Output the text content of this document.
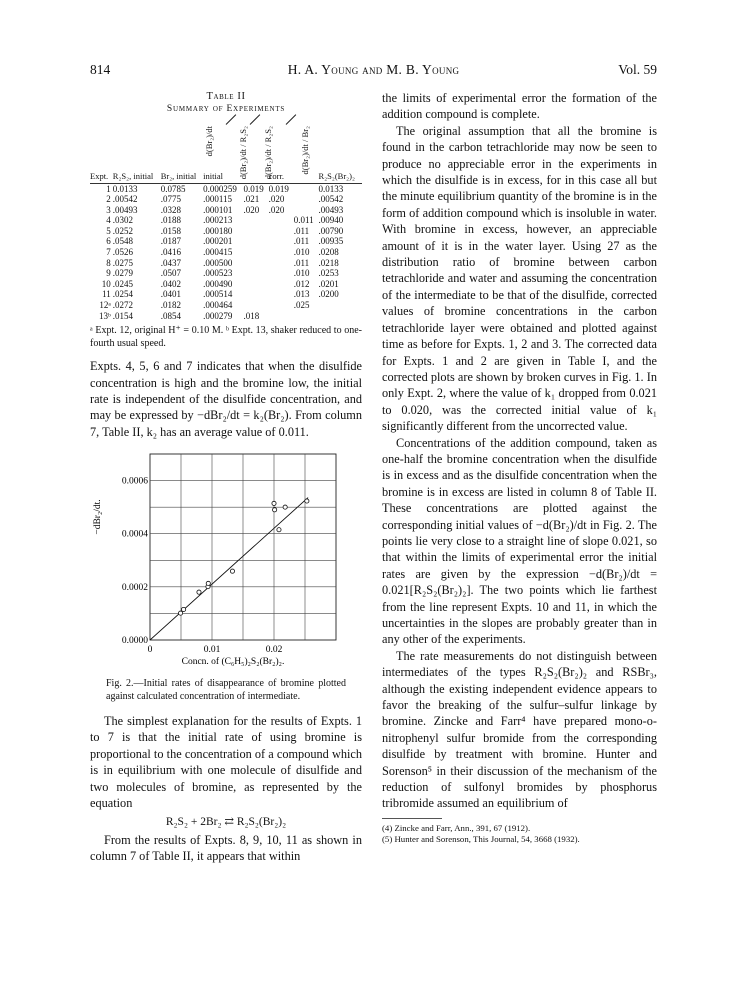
814	H. A. Young and M. B. Young	Vol. 59
Table II
Summary of Experiments
d(Br₂)/dt	d(Br₂)/dt / R₂S₂ d(Br₂)/dt / R₂S₂	d(Br₂)/dt / Br₂
Expt.	R₂S₂, initial	Br₂, initial	initial		corr.		R₂S₂(Br₂)₂
1	0.0133	0.0785	0.000259	0.019	0.019		0.0133
2	.00542	.0775	.000115	.021	.020		.00542
3	.00493	.0328	.000101	.020	.020		.00493
4	.0302	.0188	.000213			0.011	.00940
5	.0252	.0158	.000180			.011	.00790
6	.0548	.0187	.000201			.011	.00935
7	.0526	.0416	.000415			.010	.0208
8	.0275	.0437	.000500			.011	.0218
9	.0279	.0507	.000523			.010	.0253
10	.0245	.0402	.000490			.012	.0201
11	.0254	.0401	.000514			.013	.0200
12ᵃ	.0272	.0182	.000464			.025	
13ᵇ	.0154	.0854	.000279	.018			
ᵃ Expt. 12, original H⁺ = 0.10 M. ᵇ Expt. 13, shaker reduced to one-fourth usual speed.

Expts. 4, 5, 6 and 7 indicates that when the disulfide concentration is high and the bromine low, the initial rate is independent of the disulfide concentration, and may be expressed by −dBr₂/dt = k₂(Br₂). From column 7, Table II, k₂ has an average value of 0.011.

0	0.01	0.02
0.0000
0.0002
0.0004
0.0006
Concn. of (C₆H₅)₂S₂(Br₂)₂.
−dBr₂/dt.
Fig. 2.—Initial rates of disappearance of bromine plotted against calculated concentration of intermediate.

The simplest explanation for the results of Expts. 1 to 7 is that the initial rate of using bromine is proportional to the concentration of a compound which is in equilibrium with one molecule of disulfide and two molecules of bromine, as represented by the equation

R₂S₂ + 2Br₂ ⇄ R₂S₂(Br₂)₂

From the results of Expts. 8, 9, 10, 11 as shown in column 7 of Table II, it appears that within

the limits of experimental error the formation of the addition compound is complete.

The original assumption that all the bromine is found in the carbon tetrachloride may now be seen to produce no appreciable error in the experiments in which the disulfide is in excess, for in this case all but the minute equilibrium quantity of the bromine is in the form of addition compound which is insoluble in water. With bromine in excess, however, an appreciable amount of it is in the water layer. Using 27 as the distribution ratio of bromine between carbon tetrachloride and water and assuming the concentration of the intermediate to be that of the disulfide, corrected values of bromine concentrations in the carbon tetrachloride layer were obtained and plotted against time as before for Expts. 1, 2 and 3. The corrected data for Expts. 1 and 2 are given in Table I, and the corrected plots are shown by broken curves in Fig. 1. In only Expt. 2, where the value of k₁ dropped from 0.021 to 0.020, was the corrected initial value of k₁ significantly different from the uncorrected value.

Concentrations of the addition compound, taken as one-half the bromine concentration when the disulfide is in excess and as the disulfide concentration when the bromine is in excess are listed in column 8 of Table II. These concentrations are plotted against the corresponding initial values of −d(Br₂)/dt in Fig. 2. The points lie very close to a straight line of slope 0.021, so that within the limits of experimental error the initial rates are given by the expression −d(Br₂)/dt = 0.021[R₂S₂(Br₂)₂]. The two points which lie farthest from the line represent Expts. 10 and 11, in which the uncertainties in the slopes are probably greater than in any other of the experiments.

The rate measurements do not distinguish between intermediates of the types R₂S₂(Br₂)₂ and RSBr₃, although the existing independent evidence appears to favor the breaking of the sulfur–sulfur linkage by bromine. Zincke and Farr⁴ have prepared mono-o-nitrophenyl sulfur bromide from the corresponding disulfide by treatment with bromine. Hunter and Sorenson⁵ in their discussion of the mechanism of the reduction of sulfonyl bromides by phosphorus tribromide assumed an equilibrium of

(4) Zincke and Farr, Ann., 391, 67 (1912).
(5) Hunter and Sorenson, This Journal, 54, 3668 (1932).
